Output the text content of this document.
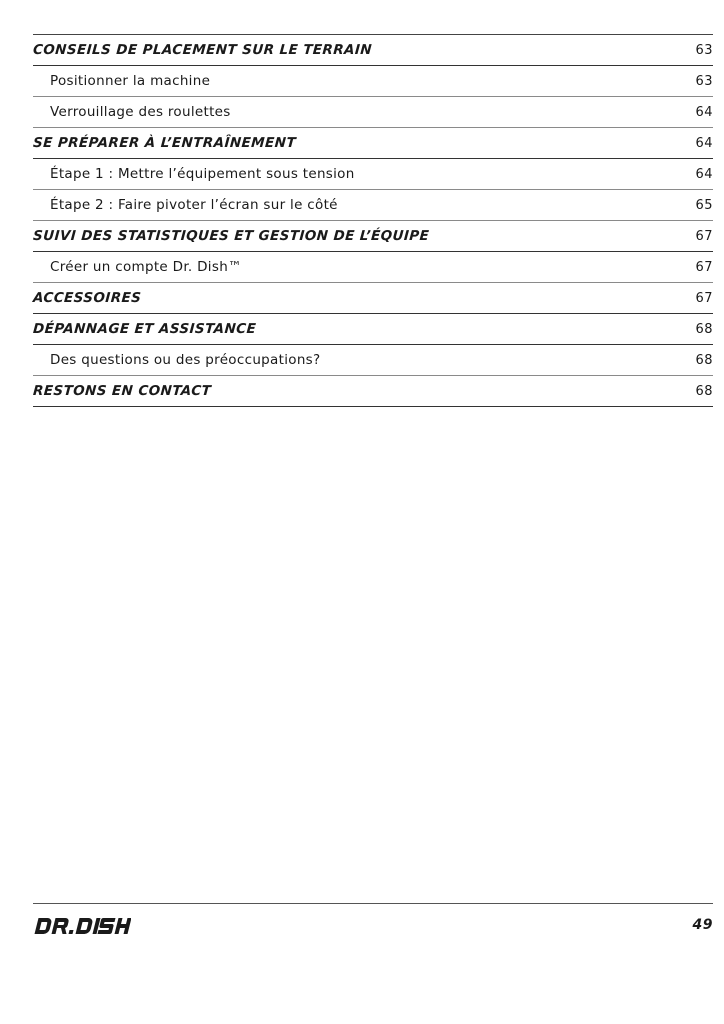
CONSEILS DE PLACEMENT SUR LE TERRAIN	63
Positionner la machine	63
Verrouillage des roulettes	64
SE PRÉPARER À L’ENTRAÎNEMENT	64
Étape 1 : Mettre l’équipement sous tension	64
Étape 2 : Faire pivoter l’écran sur le côté	65
SUIVI DES STATISTIQUES ET GESTION DE L’ÉQUIPE	67
Créer un compte Dr. Dish™	67
ACCESSOIRES	67
DÉPANNAGE ET ASSISTANCE	68
Des questions ou des préoccupations?	68
RESTONS EN CONTACT	68
49
